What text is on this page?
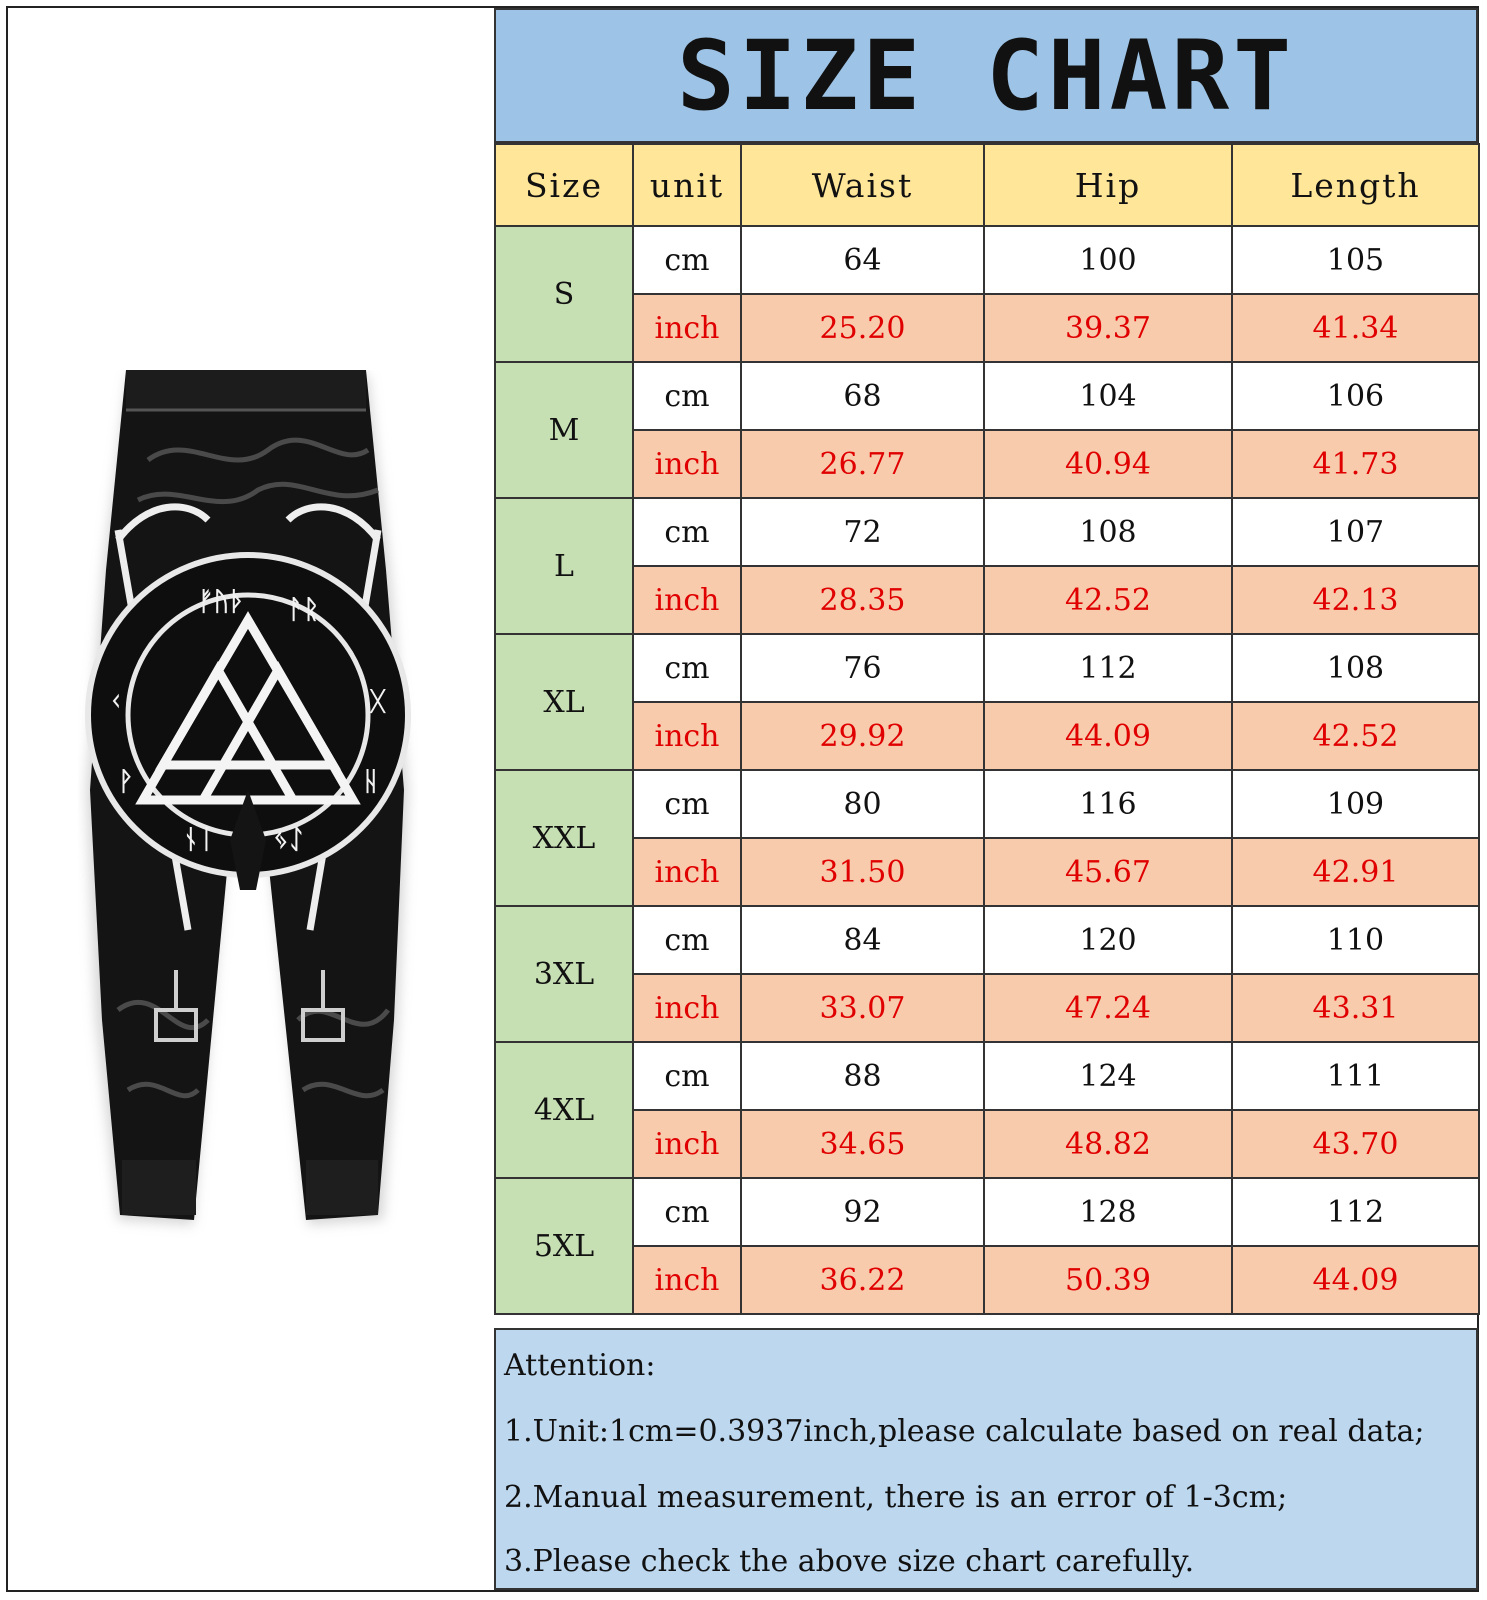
ᚠᚢᚦ ᚨᚱ
ᚲ	ᚷ
ᚹ	ᚺ
ᚾᛁ ᛃᛇ
SIZE CHART
Size	unit	Waist	Hip	Length
S	cm	64	100	105
	inch	25.20	39.37	41.34
M	cm	68	104	106
	inch	26.77	40.94	41.73
L	cm	72	108	107
	inch	28.35	42.52	42.13
XL	cm	76	112	108
	inch	29.92	44.09	42.52
XXL	cm	80	116	109
	inch	31.50	45.67	42.91
3XL	cm	84	120	110
	inch	33.07	47.24	43.31
4XL	cm	88	124	111
	inch	34.65	48.82	43.70
5XL	cm	92	128	112
	inch	36.22	50.39	44.09
Attention:
1.Unit:1cm=0.3937inch,please calculate based on real data;
2.Manual measurement, there is an error of 1-3cm;
3.Please check the above size chart carefully.
